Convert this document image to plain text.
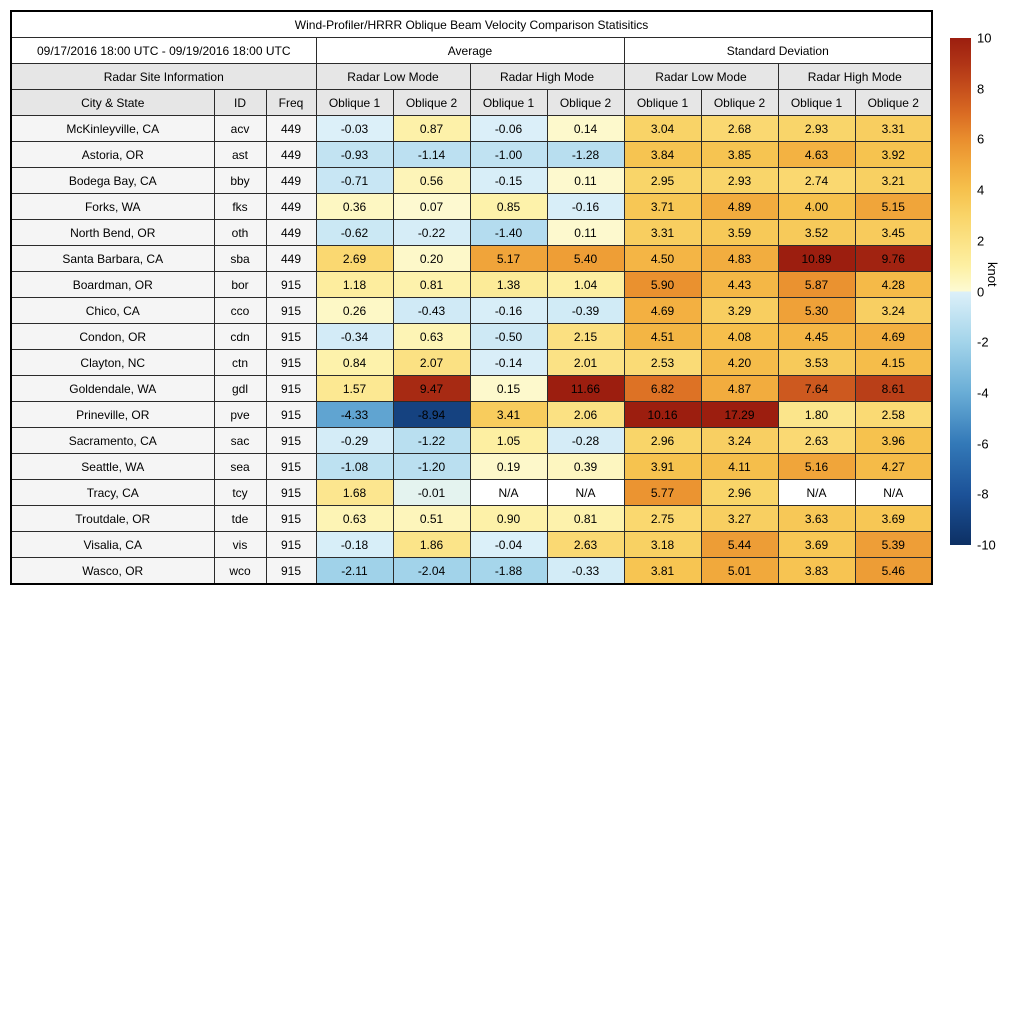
Wind-Profiler/HRRR Oblique Beam Velocity Comparison Statisitics										
09/17/2016 18:00 UTC - 09/19/2016 18:00 UTC			Average				Standard Deviation			
Radar Site Information			Radar Low Mode		Radar High Mode		Radar Low Mode		Radar High Mode	
City & State	ID	Freq	Oblique 1	Oblique 2	Oblique 1	Oblique 2	Oblique 1	Oblique 2	Oblique 1	Oblique 2
McKinleyville, CA	acv	449	-0.03	0.87	-0.06	0.14	3.04	2.68	2.93	3.31
Astoria, OR	ast	449	-0.93	-1.14	-1.00	-1.28	3.84	3.85	4.63	3.92
Bodega Bay, CA	bby	449	-0.71	0.56	-0.15	0.11	2.95	2.93	2.74	3.21
Forks, WA	fks	449	0.36	0.07	0.85	-0.16	3.71	4.89	4.00	5.15
North Bend, OR	oth	449	-0.62	-0.22	-1.40	0.11	3.31	3.59	3.52	3.45
Santa Barbara, CA	sba	449	2.69	0.20	5.17	5.40	4.50	4.83	10.89	9.76
Boardman, OR	bor	915	1.18	0.81	1.38	1.04	5.90	4.43	5.87	4.28
Chico, CA	cco	915	0.26	-0.43	-0.16	-0.39	4.69	3.29	5.30	3.24
Condon, OR	cdn	915	-0.34	0.63	-0.50	2.15	4.51	4.08	4.45	4.69
Clayton, NC	ctn	915	0.84	2.07	-0.14	2.01	2.53	4.20	3.53	4.15
Goldendale, WA	gdl	915	1.57	9.47	0.15	11.66	6.82	4.87	7.64	8.61
Prineville, OR	pve	915	-4.33	-8.94	3.41	2.06	10.16	17.29	1.80	2.58
Sacramento, CA	sac	915	-0.29	-1.22	1.05	-0.28	2.96	3.24	2.63	3.96
Seattle, WA	sea	915	-1.08	-1.20	0.19	0.39	3.91	4.11	5.16	4.27
Tracy, CA	tcy	915	1.68	-0.01	N/A	N/A	5.77	2.96	N/A	N/A
Troutdale, OR	tde	915	0.63	0.51	0.90	0.81	2.75	3.27	3.63	3.69
Visalia, CA	vis	915	-0.18	1.86	-0.04	2.63	3.18	5.44	3.69	5.39
Wasco, OR	wco	915	-2.11	-2.04	-1.88	-0.33	3.81	5.01	3.83	5.46
10
8
6
4
2
0
-2
-4
-6
-8
-10
knot
